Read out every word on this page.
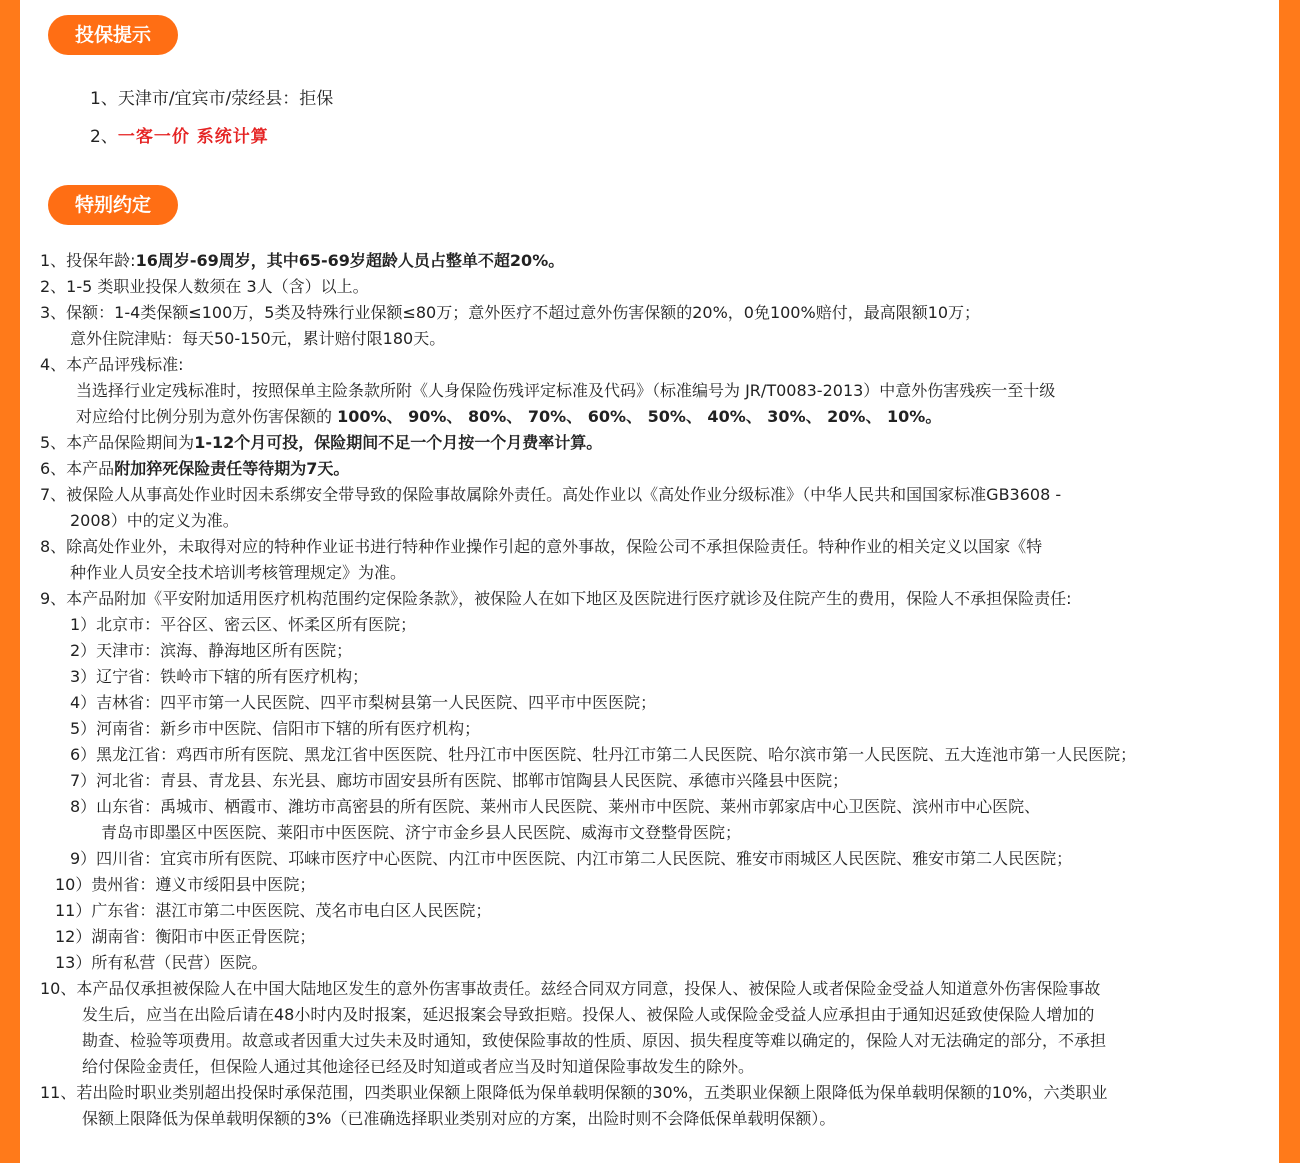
投保提示
1、天津市/宜宾市/荥经县：拒保
2、一客一价 系统计算
特别约定
1、投保年龄:16周岁-69周岁，其中65-69岁超龄人员占整单不超20%。
2、1-5 类职业投保人数须在 3人（含）以上。
3、保额：1-4类保额≤100万，5类及特殊行业保额≤80万；意外医疗不超过意外伤害保额的20%，0免100%赔付，最高限额10万；
意外住院津贴：每天50-150元，累计赔付限180天。
4、本产品评残标准:
当选择行业定残标准时，按照保单主险条款所附《人身保险伤残评定标准及代码》（标准编号为 JR/T0083-2013）中意外伤害残疾一至十级
对应给付比例分别为意外伤害保额的 100%、 90%、 80%、 70%、 60%、 50%、 40%、 30%、 20%、 10%。
5、本产品保险期间为1-12个月可投，保险期间不足一个月按一个月费率计算。
6、本产品附加猝死保险责任等待期为7天。
7、被保险人从事高处作业时因未系绑安全带导致的保险事故属除外责任。高处作业以《高处作业分级标准》（中华人民共和国国家标准GB3608 -
2008）中的定义为准。
8、除高处作业外，未取得对应的特种作业证书进行特种作业操作引起的意外事故，保险公司不承担保险责任。特种作业的相关定义以国家《特
种作业人员安全技术培训考核管理规定》为准。
9、本产品附加《平安附加适用医疗机构范围约定保险条款》，被保险人在如下地区及医院进行医疗就诊及住院产生的费用，保险人不承担保险责任:
1）北京市：平谷区、密云区、怀柔区所有医院；
2）天津市：滨海、静海地区所有医院；
3）辽宁省：铁岭市下辖的所有医疗机构；
4）吉林省：四平市第一人民医院、四平市梨树县第一人民医院、四平市中医医院；
5）河南省：新乡市中医院、信阳市下辖的所有医疗机构；
6）黑龙江省：鸡西市所有医院、黑龙江省中医医院、牡丹江市中医医院、牡丹江市第二人民医院、哈尔滨市第一人民医院、五大连池市第一人民医院；
7）河北省：青县、青龙县、东光县、廊坊市固安县所有医院、邯郸市馆陶县人民医院、承德市兴隆县中医院；
8）山东省：禹城市、栖霞市、潍坊市高密县的所有医院、莱州市人民医院、莱州市中医院、莱州市郭家店中心卫医院、滨州市中心医院、
青岛市即墨区中医医院、莱阳市中医医院、济宁市金乡县人民医院、威海市文登整骨医院；
9）四川省：宜宾市所有医院、邛崃市医疗中心医院、内江市中医医院、内江市第二人民医院、雅安市雨城区人民医院、雅安市第二人民医院；
10）贵州省：遵义市绥阳县中医院；
11）广东省：湛江市第二中医医院、茂名市电白区人民医院；
12）湖南省：衡阳市中医正骨医院；
13）所有私营（民营）医院。
10、本产品仅承担被保险人在中国大陆地区发生的意外伤害事故责任。兹经合同双方同意，投保人、被保险人或者保险金受益人知道意外伤害保险事故
发生后，应当在出险后请在48小时内及时报案，延迟报案会导致拒赔。投保人、被保险人或保险金受益人应承担由于通知迟延致使保险人增加的
勘查、检验等项费用。故意或者因重大过失未及时通知，致使保险事故的性质、原因、损失程度等难以确定的，保险人对无法确定的部分，不承担
给付保险金责任，但保险人通过其他途径已经及时知道或者应当及时知道保险事故发生的除外。
11、若出险时职业类别超出投保时承保范围，四类职业保额上限降低为保单载明保额的30%，五类职业保额上限降低为保单载明保额的10%，六类职业
保额上限降低为保单载明保额的3%（已准确选择职业类别对应的方案，出险时则不会降低保单载明保额）。
